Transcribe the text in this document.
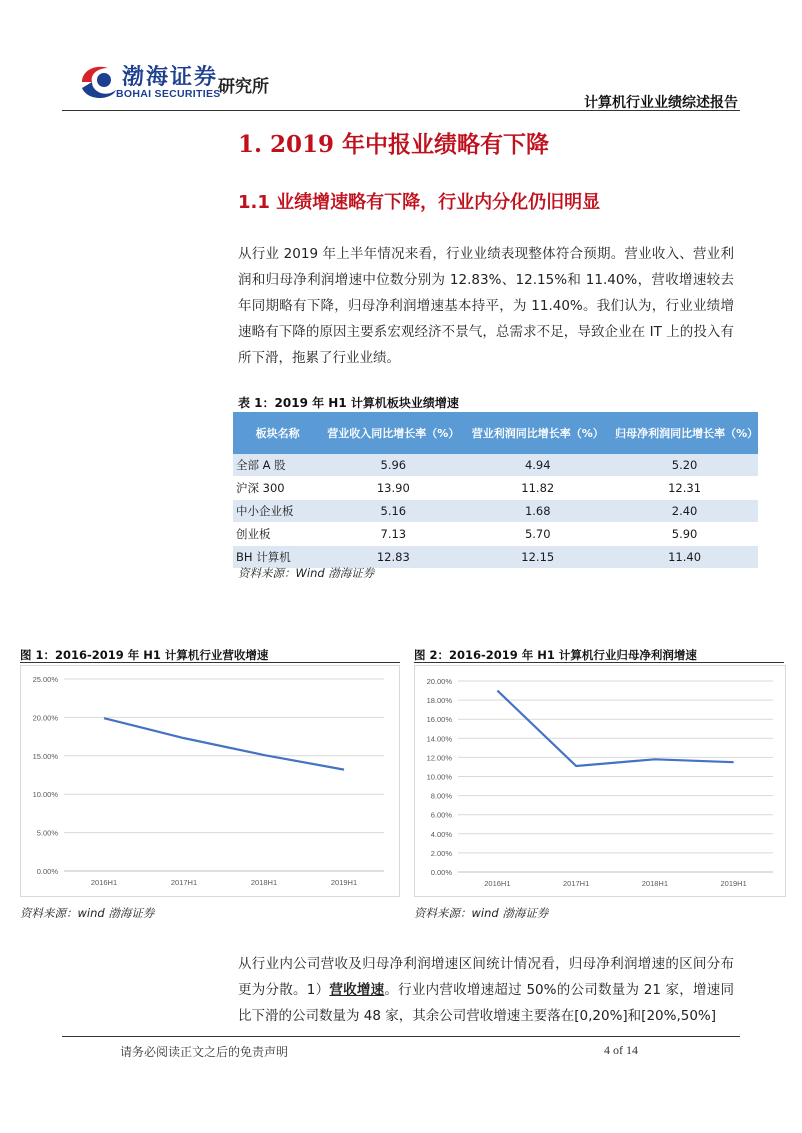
渤海证券
BOHAI SECURITIES
研究所
计算机行业业绩综述报告
1. 2019 年中报业绩略有下降
1.1 业绩增速略有下降，行业内分化仍旧明显
从行业 2019 年上半年情况来看，行业业绩表现整体符合预期。营业收入、营业利润和归母净利润增速中位数分别为 12.83%、12.15%和 11.40%，营收增速较去年同期略有下降，归母净利润增速基本持平，为 11.40%。我们认为，行业业绩增速略有下降的原因主要系宏观经济不景气，总需求不足，导致企业在 IT 上的投入有所下滑，拖累了行业业绩。
表 1：2019 年 H1 计算机板块业绩增速
板块名称	营业收入同比增长率（%）	营业利润同比增长率（%）	归母净利润同比增长率（%）
全部 A 股	5.96	4.94	5.20
沪深 300	13.90	11.82	12.31
中小企业板	5.16	1.68	2.40
创业板	7.13	5.70	5.90
BH 计算机	12.83	12.15	11.40
资料来源：Wind 渤海证券
图 1：2016-2019 年 H1 计算机行业营收增速
0.00%
5.00%
10.00%
15.00%
20.00%
25.00%
2016H1	2017H1	2018H1	2019H1
资料来源：wind 渤海证券
图 2：2016-2019 年 H1 计算机行业归母净利润增速
0.00%
2.00%
4.00%
6.00%
8.00%
10.00%
12.00%
14.00%
16.00%
18.00%
20.00%
2016H1	2017H1	2018H1	2019H1
资料来源：wind 渤海证券
从行业内公司营收及归母净利润增速区间统计情况看，归母净利润增速的区间分布更为分散。1）营收增速。行业内营收增速超过 50%的公司数量为 21 家，增速同比下滑的公司数量为 48 家，其余公司营收增速主要落在[0,20%]和[20%,50%]
请务必阅读正文之后的免责声明	4 of 14
